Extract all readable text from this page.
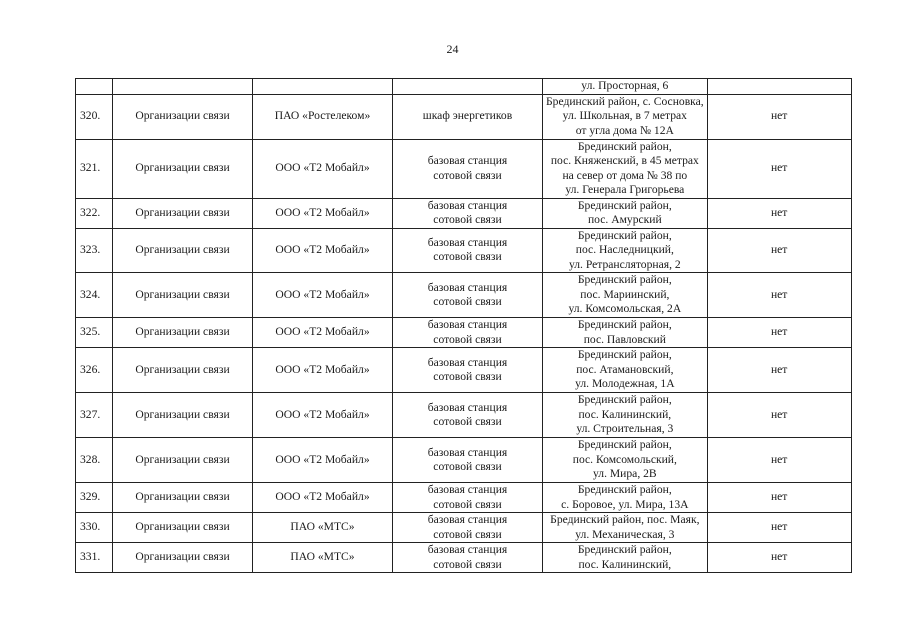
24

				ул. Просторная, 6	

320.	Организации связи	ПАО «Ростелеком»	шкаф энергетиков	Брединский район, с. Сосновка,
ул. Школьная, в 7 метрах
от угла дома № 12А	нет
321.	Организации связи	ООО «Т2 Мобайл»	базовая станция
сотовой связи	Брединский район,
пос. Княженский, в 45 метрах
на север от дома № 38 по
ул. Генерала Григорьева	нет
322.	Организации связи	ООО «Т2 Мобайл»	базовая станция
сотовой связи	Брединский район,
пос. Амурский	нет
323.	Организации связи	ООО «Т2 Мобайл»	базовая станция
сотовой связи	Брединский район,
пос. Наследницкий,
ул. Ретрансляторная, 2	нет
324.	Организации связи	ООО «Т2 Мобайл»	базовая станция
сотовой связи	Брединский район,
пос. Мариинский,
ул. Комсомольская, 2А	нет
325.	Организации связи	ООО «Т2 Мобайл»	базовая станция
сотовой связи	Брединский район,
пос. Павловский	нет
326.	Организации связи	ООО «Т2 Мобайл»	базовая станция
сотовой связи	Брединский район,
пос. Атамановский,
ул. Молодежная, 1А	нет
327.	Организации связи	ООО «Т2 Мобайл»	базовая станция
сотовой связи	Брединский район,
пос. Калининский,
ул. Строительная, 3	нет
328.	Организации связи	ООО «Т2 Мобайл»	базовая станция
сотовой связи	Брединский район,
пос. Комсомольский,
ул. Мира, 2В	нет
329.	Организации связи	ООО «Т2 Мобайл»	базовая станция
сотовой связи	Брединский район,
с. Боровое, ул. Мира, 13А	нет
330.	Организации связи	ПАО «МТС»	базовая станция
сотовой связи	Брединский район, пос. Маяк,
ул. Механическая, 3	нет
331.	Организации связи	ПАО «МТС»	базовая станция
сотовой связи	Брединский район,
пос. Калининский,	нет
